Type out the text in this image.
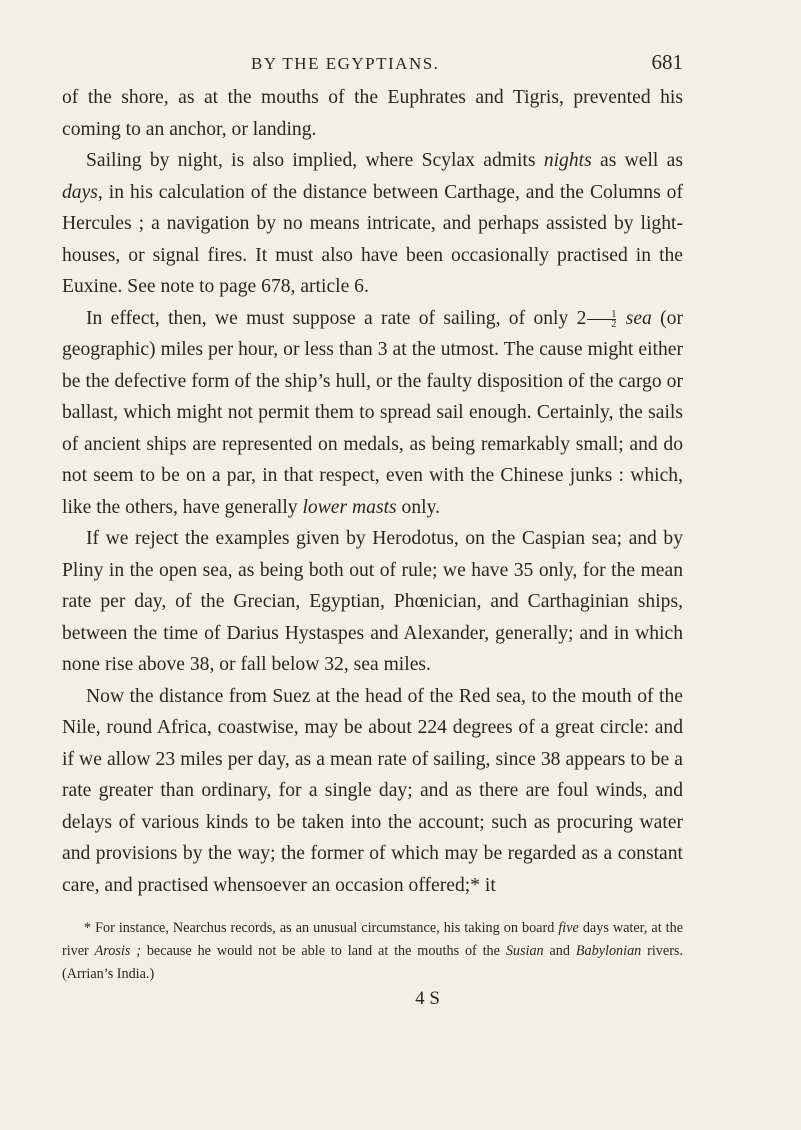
BY THE EGYPTIANS.	681

of the shore, as at the mouths of the Euphrates and Tigris, prevented his coming to an anchor, or landing.

Sailing by night, is also implied, where Scylax admits nights as well as days, in his calculation of the distance between Carthage, and the Columns of Hercules ; a navigation by no means intricate, and perhaps assisted by light-houses, or signal fires. It must also have been occasionally practised in the Euxine. See note to page 678, article 6.

In effect, then, we must suppose a rate of sailing, of only $2 \frac{1}{2}$ sea (or geographic) miles per hour, or less than 3 at the utmost. The cause might either be the defective form of the ship’s hull, or the faulty disposition of the cargo or ballast, which might not permit them to spread sail enough. Certainly, the sails of ancient ships are represented on medals, as being remarkably small; and do not seem to be on a par, in that respect, even with the Chinese junks : which, like the others, have generally lower masts only.

If we reject the examples given by Herodotus, on the Caspian sea; and by Pliny in the open sea, as being both out of rule; we have 35 only, for the mean rate per day, of the Grecian, Egyptian, Phœnician, and Carthaginian ships, between the time of Darius Hystaspes and Alexander, generally; and in which none rise above 38, or fall below 32, sea miles.

Now the distance from Suez at the head of the Red sea, to the mouth of the Nile, round Africa, coastwise, may be about 224 degrees of a great circle: and if we allow 23 miles per day, as a mean rate of sailing, since 38 appears to be a rate greater than ordinary, for a single day; and as there are foul winds, and delays of various kinds to be taken into the account; such as procuring water and provisions by the way; the former of which may be regarded as a constant care, and practised whensoever an occasion offered;* it

* For instance, Nearchus records, as an unusual circumstance, his taking on board five days water, at the river Arosis ; because he would not be able to land at the mouths of the Susian and Babylonian rivers. (Arrian’s India.)
4 S
